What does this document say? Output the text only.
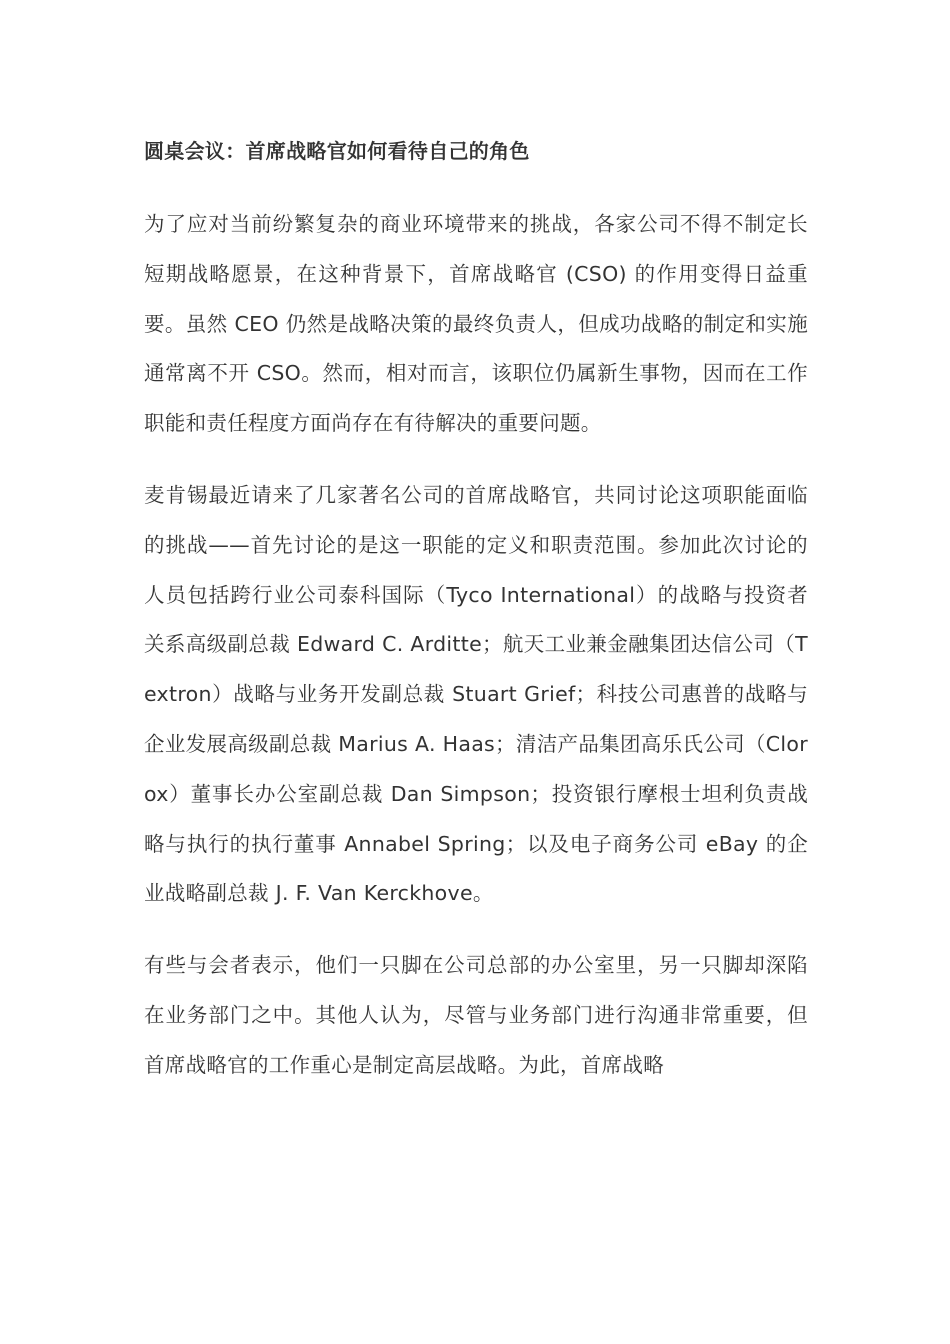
圆桌会议：首席战略官如何看待自己的角色

为了应对当前纷繁复杂的商业环境带来的挑战，各家公司不得不制定长短期战略愿景，在这种背景下，首席战略官 (CSO) 的作用变得日益重要。虽然 CEO 仍然是战略决策的最终负责人，但成功战略的制定和实施通常离不开 CSO。然而，相对而言，该职位仍属新生事物，因而在工作职能和责任程度方面尚存在有待解决的重要问题。

麦肯锡最近请来了几家著名公司的首席战略官，共同讨论这项职能面临的挑战——首先讨论的是这一职能的定义和职责范围。参加此次讨论的人员包括跨行业公司泰科国际（Tyco International）的战略与投资者关系高级副总裁 Edward C. Arditte；航天工业兼金融集团达信公司（Textron）战略与业务开发副总裁 Stuart Grief；科技公司惠普的战略与企业发展高级副总裁 Marius A. Haas；清洁产品集团高乐氏公司（Clorox）董事长办公室副总裁 Dan Simpson；投资银行摩根士坦利负责战略与执行的执行董事 Annabel Spring；以及电子商务公司 eBay 的企业战略副总裁 J. F. Van Kerckhove。

有些与会者表示，他们一只脚在公司总部的办公室里，另一只脚却深陷在业务部门之中。其他人认为，尽管与业务部门进行沟通非常重要，但首席战略官的工作重心是制定高层战略。为此，首席战略
